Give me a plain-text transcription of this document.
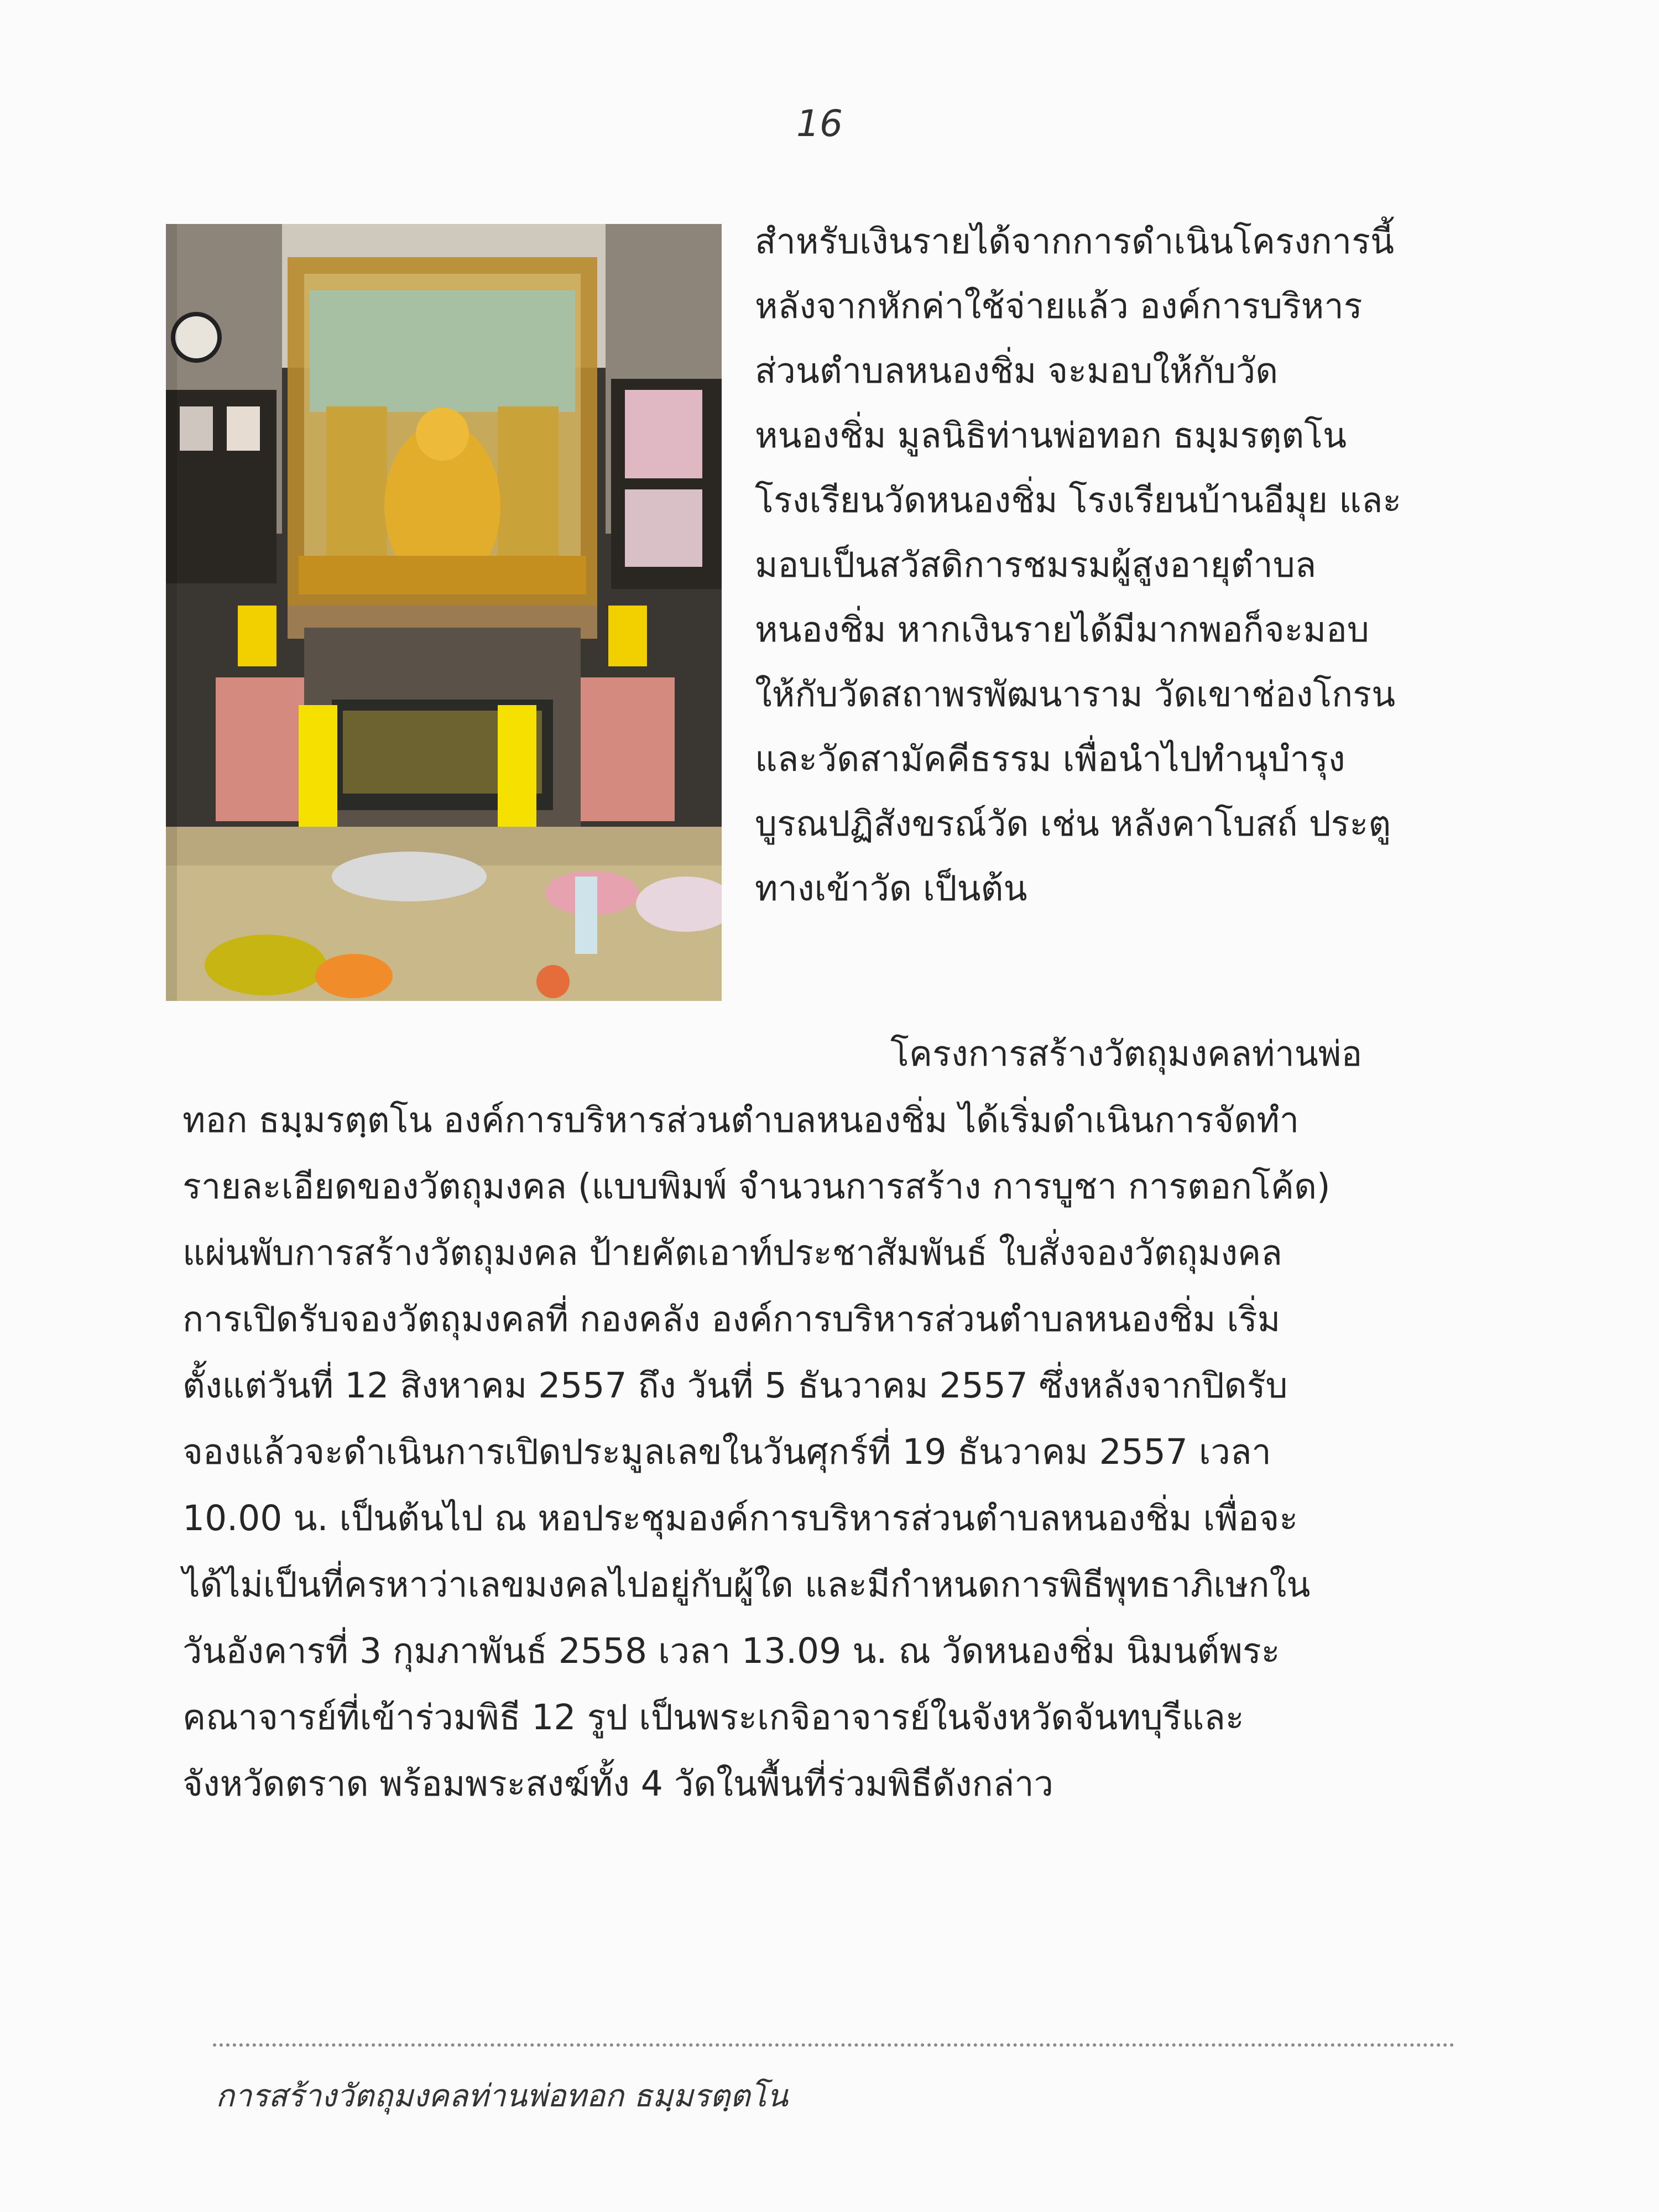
16
สำหรับเงินรายได้จากการดำเนินโครงการนี้
หลังจากหักค่าใช้จ่ายแล้ว องค์การบริหาร
ส่วนตำบลหนองชิ่ม จะมอบให้กับวัด
หนองชิ่ม มูลนิธิท่านพ่อทอก ธมฺมรตฺตโน
โรงเรียนวัดหนองชิ่ม โรงเรียนบ้านอีมุย และ
มอบเป็นสวัสดิการชมรมผู้สูงอายุตำบล
หนองชิ่ม หากเงินรายได้มีมากพอก็จะมอบ
ให้กับวัดสถาพรพัฒนาราม วัดเขาช่องโกรน
และวัดสามัคคีธรรม เพื่อนำไปทำนุบำรุง
บูรณปฏิสังขรณ์วัด เช่น หลังคาโบสถ์ ประตู
ทางเข้าวัด เป็นต้น
โครงการสร้างวัตถุมงคลท่านพ่อ
ทอก ธมฺมรตฺตโน องค์การบริหารส่วนตำบลหนองชิ่ม ได้เริ่มดำเนินการจัดทำ
รายละเอียดของวัตถุมงคล (แบบพิมพ์ จำนวนการสร้าง การบูชา การตอกโค้ด)
แผ่นพับการสร้างวัตถุมงคล ป้ายคัตเอาท์ประชาสัมพันธ์ ใบสั่งจองวัตถุมงคล
การเปิดรับจองวัตถุมงคลที่ กองคลัง องค์การบริหารส่วนตำบลหนองชิ่ม เริ่ม
ตั้งแต่วันที่ 12 สิงหาคม 2557 ถึง วันที่ 5 ธันวาคม 2557 ซึ่งหลังจากปิดรับ
จองแล้วจะดำเนินการเปิดประมูลเลขในวันศุกร์ที่ 19 ธันวาคม 2557 เวลา
10.00 น. เป็นต้นไป ณ หอประชุมองค์การบริหารส่วนตำบลหนองชิ่ม เพื่อจะ
ได้ไม่เป็นที่ครหาว่าเลขมงคลไปอยู่กับผู้ใด และมีกำหนดการพิธีพุทธาภิเษกใน
วันอังคารที่ 3 กุมภาพันธ์ 2558 เวลา 13.09 น. ณ วัดหนองชิ่ม นิมนต์พระ
คณาจารย์ที่เข้าร่วมพิธี 12 รูป เป็นพระเกจิอาจารย์ในจังหวัดจันทบุรีและ
จังหวัดตราด พร้อมพระสงฆ์ทั้ง 4 วัดในพื้นที่ร่วมพิธีดังกล่าว
การสร้างวัตถุมงคลท่านพ่อทอก ธมฺมรตฺตโน
